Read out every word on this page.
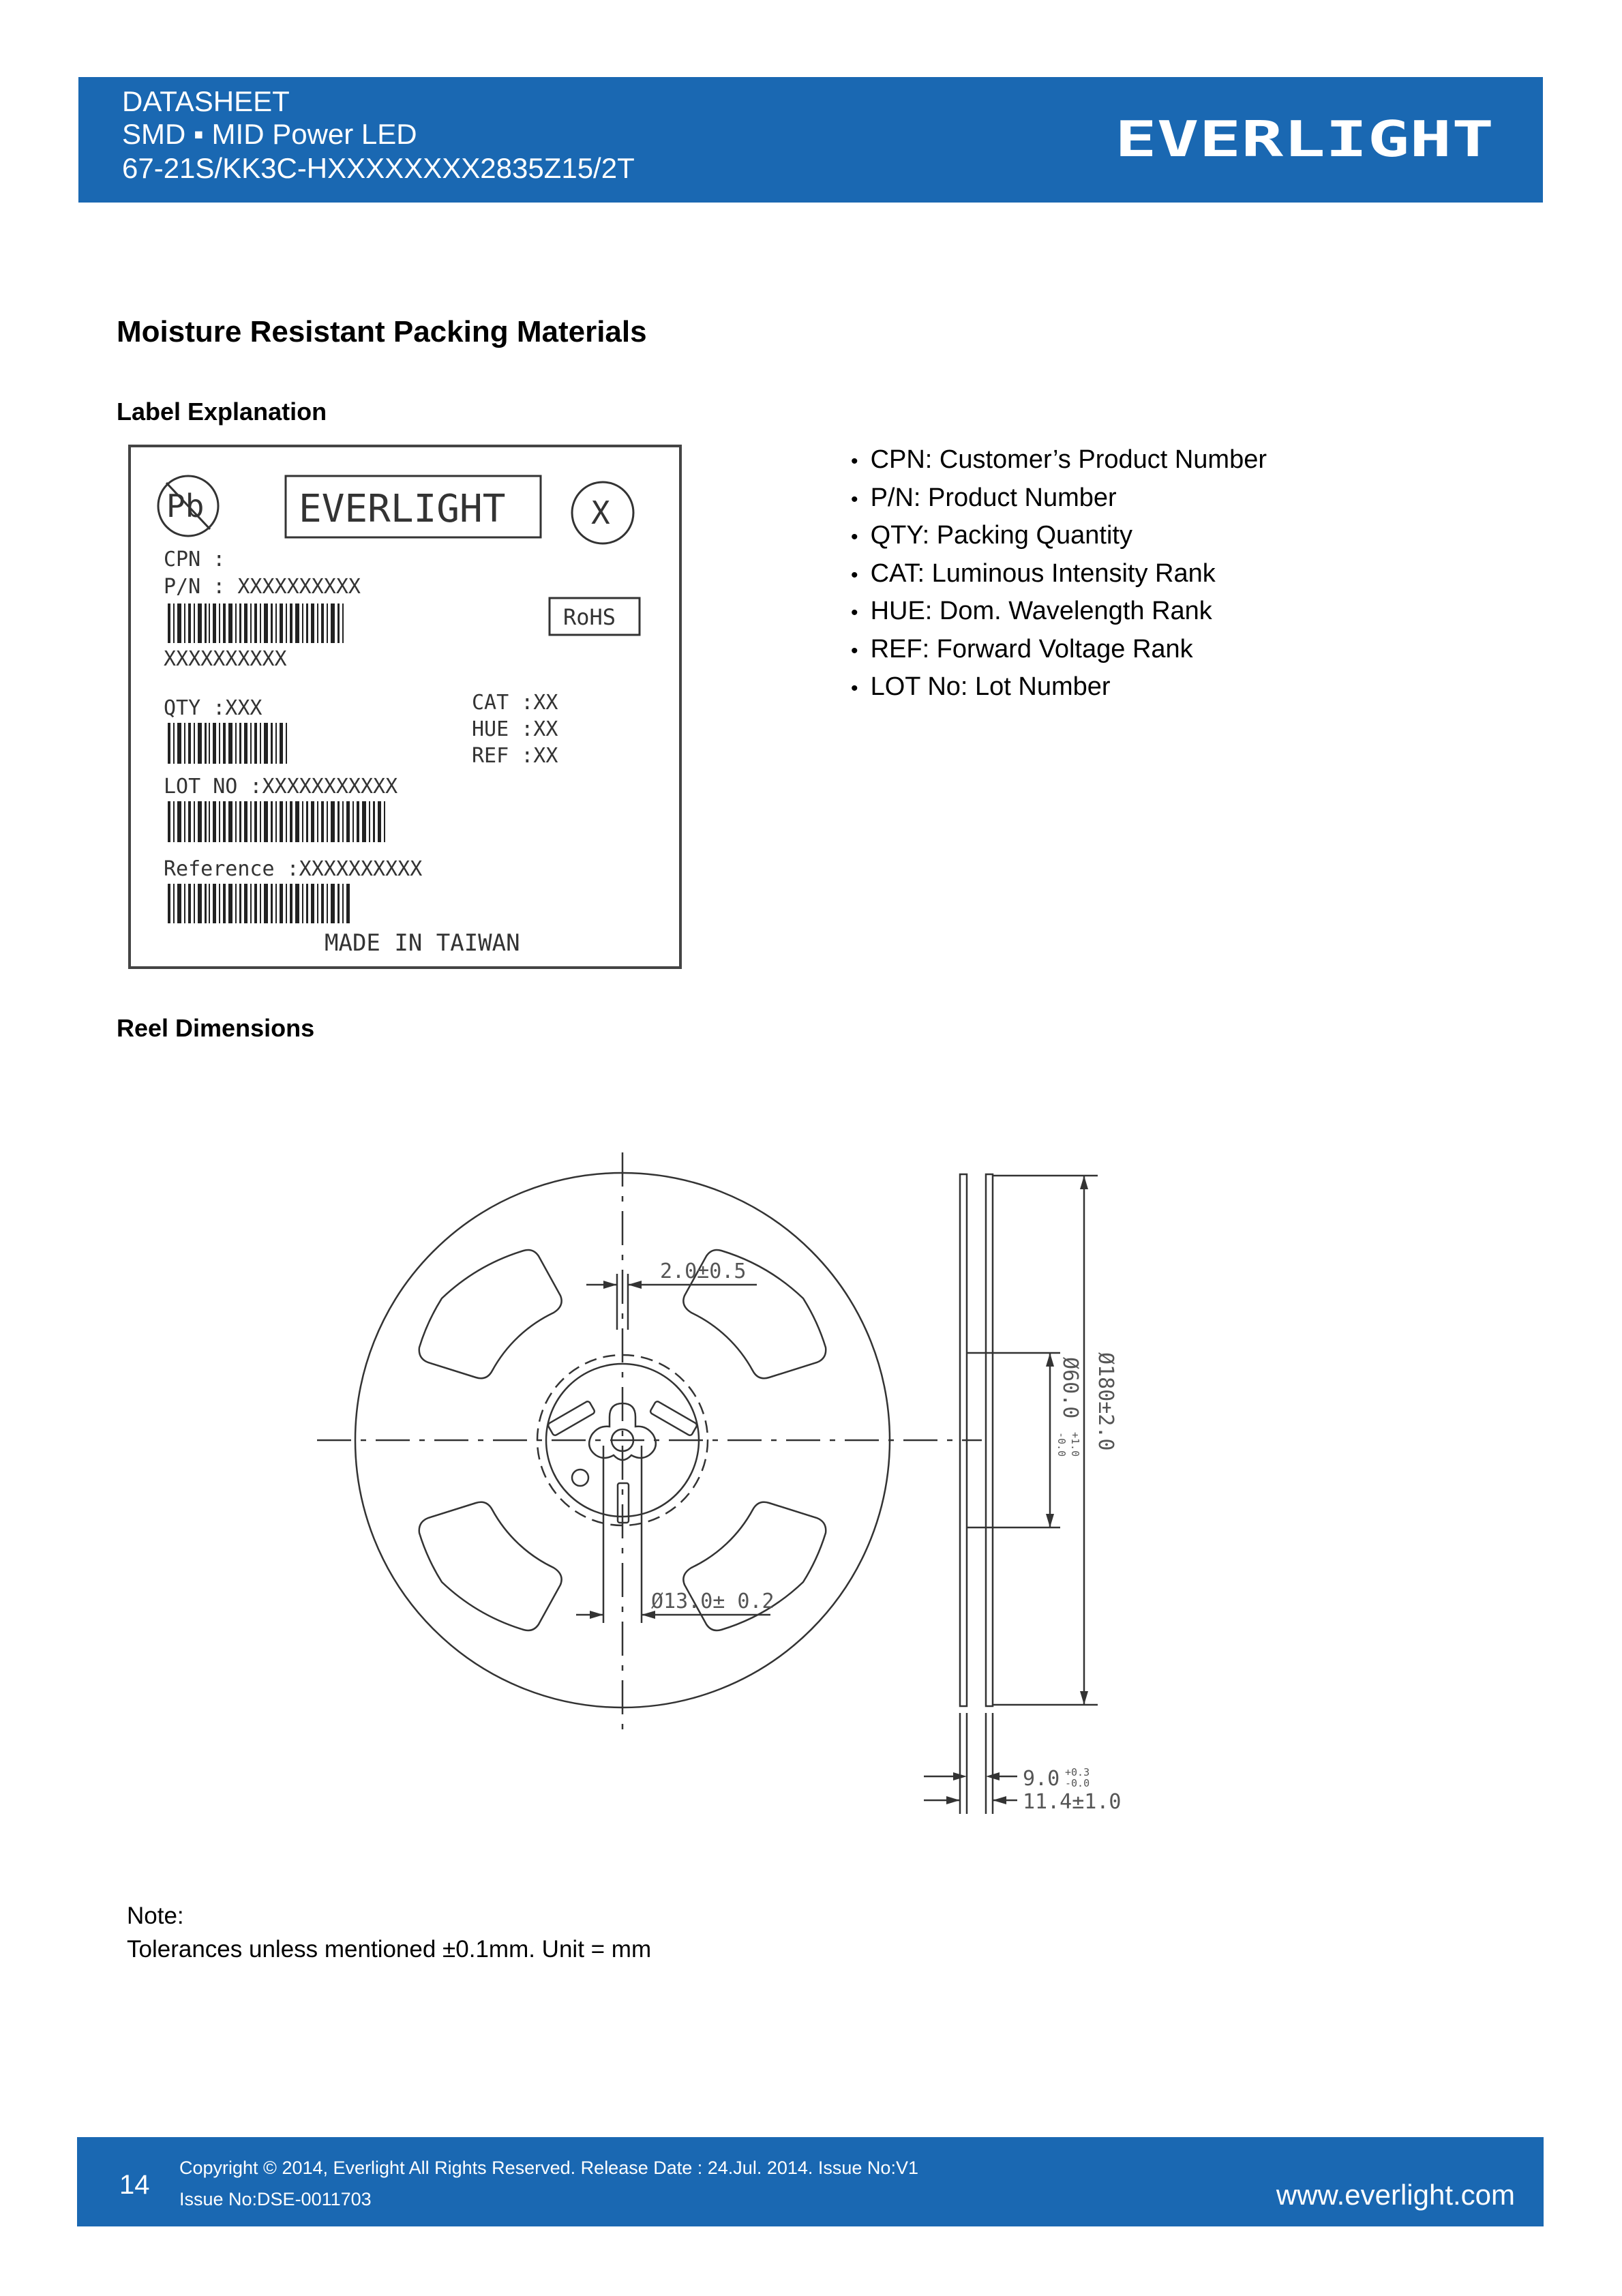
DATASHEET
SMD ▪ MID Power LED
67-21S/KK3C-HXXXXXXXX2835Z15/2T
EVERLIGHT
Moisture Resistant Packing Materials
Label Explanation
Pb EVERLIGHT	X
CPN :
P/N : XXXXXXXXXX
RoHS
XXXXXXXXXX
QTY :XXX	CAT :XX
HUE :XX
REF :XX
LOT NO :XXXXXXXXXXX
Reference :XXXXXXXXXX
MADE IN TAIWAN
• CPN: Customer’s Product Number
• P/N: Product Number
• QTY: Packing Quantity
• CAT: Luminous Intensity Rank
• HUE: Dom. Wavelength Rank
• REF: Forward Voltage Rank
• LOT No: Lot Number
Reel Dimensions
2.0±0.5
Ø13.0± 0.2
Ø60.0
+1.0
-0.0 Ø180±2.0
9.0 +0.3
-0.0
11.4±1.0
Note:
Tolerances unless mentioned ±0.1mm. Unit = mm
14
Copyright © 2014, Everlight All Rights Reserved. Release Date : 24.Jul. 2014. Issue No:V1
Issue No:DSE-0011703	www.everlight.com
